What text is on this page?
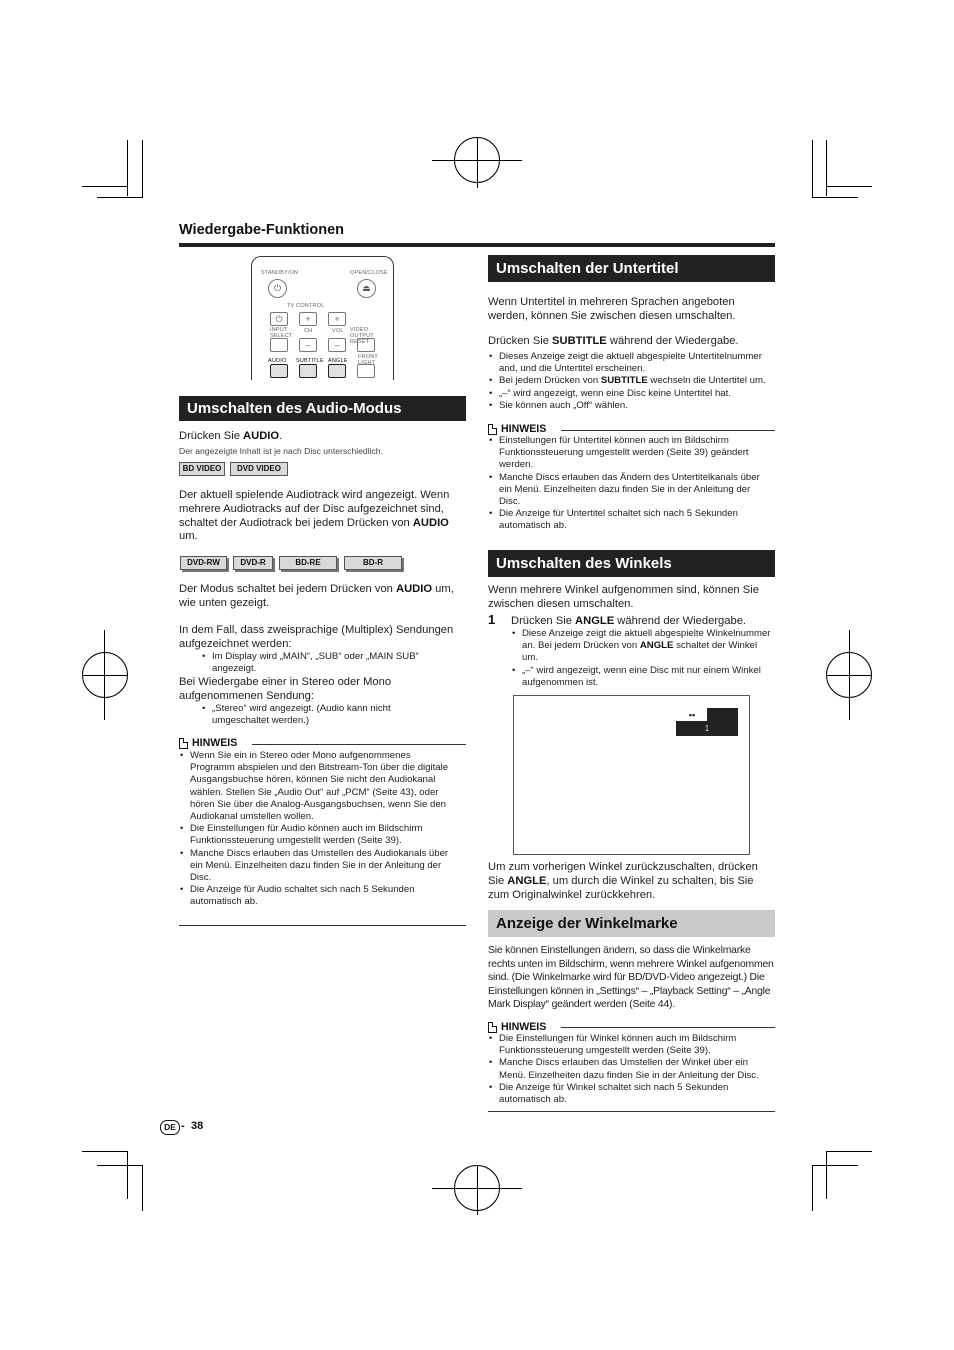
Wiedergabe-Funktionen
STANDBY/ON	OPEN/CLOSE
⏻	⏏
TV CONTROL
⏻	+	+
INPUT SELECT
CH	VOL VIDEO OUTPUT RESET
–	–
AUDIO SUBTITLE ANGLE
FRONT LIGHT
Umschalten des Audio-Modus
Drücken Sie AUDIO.
Der angezeigte Inhalt ist je nach Disc unterschiedlich.
BD VIDEO	DVD VIDEO
Der aktuell spielende Audiotrack wird angezeigt. Wenn mehrere Audiotracks auf der Disc aufgezeichnet sind, schaltet der Audiotrack bei jedem Drücken von AUDIO um.
DVD-RW	DVD-R	BD-RE	BD-R
Der Modus schaltet bei jedem Drücken von AUDIO um, wie unten gezeigt.
In dem Fall, dass zweisprachige (Multiplex) Sendungen aufgezeichnet werden:
• Im Display wird „MAIN“, „SUB“ oder „MAIN SUB“ angezeigt.
Bei Wiedergabe einer in Stereo oder Mono aufgenommenen Sendung:
• „Stereo“ wird angezeigt. (Audio kann nicht umgeschaltet werden.)
HINWEIS
• Wenn Sie ein in Stereo oder Mono aufgenommenes Programm abspielen und den Bitstream-Ton über die digitale Ausgangsbuchse hören, können Sie nicht den Audiokanal wählen. Stellen Sie „Audio Out“ auf „PCM“ (Seite 43), oder hören Sie über die Analog-Ausgangsbuchsen, wenn Sie den Audiokanal umstellen wollen.
• Die Einstellungen für Audio können auch im Bildschirm Funktionssteuerung umgestellt werden (Seite 39).
• Manche Discs erlauben das Umstellen des Audiokanals über ein Menü. Einzelheiten dazu finden Sie in der Anleitung der Disc.
• Die Anzeige für Audio schaltet sich nach 5 Sekunden automatisch ab.
Umschalten der Untertitel
Wenn Untertitel in mehreren Sprachen angeboten werden, können Sie zwischen diesen umschalten.
Drücken Sie SUBTITLE während der Wiedergabe.
• Dieses Anzeige zeigt die aktuell abgespielte Untertitelnummer and, und die Untertitel erscheinen.
• Bei jedem Drücken von SUBTITLE wechseln die Untertitel um.
• „–“ wird angezeigt, wenn eine Disc keine Untertitel hat.
• Sie können auch „Off“ wählen.
HINWEIS
• Einstellungen für Untertitel können auch im Bildschirm Funktionssteuerung umgestellt werden (Seite 39) geändert werden.
• Manche Discs erlauben das Ändern des Untertitelkanals über ein Menü. Einzelheiten dazu finden Sie in der Anleitung der Disc.
• Die Anzeige für Untertitel schaltet sich nach 5 Sekunden automatisch ab.
Umschalten des Winkels
Wenn mehrere Winkel aufgenommen sind, können Sie zwischen diesen umschalten.
1 Drücken Sie ANGLE während der Wiedergabe.
• Diese Anzeige zeigt die aktuell abgespielte Winkelnummer an. Bei jedem Drücken von ANGLE schaltet der Winkel um.
• „–“ wird angezeigt, wenn eine Disc mit nur einem Winkel aufgenommen ist.
▪▪
1
Um zum vorherigen Winkel zurückzuschalten, drücken Sie ANGLE, um durch die Winkel zu schalten, bis Sie zum Originalwinkel zurückkehren.
Anzeige der Winkelmarke
Sie können Einstellungen ändern, so dass die Winkelmarke rechts unten im Bildschirm, wenn mehrere Winkel aufgenommen sind. (Die Winkelmarke wird für BD/DVD-Video angezeigt.) Die Einstellungen können in „Settings“ – „Playback Setting“ – „Angle Mark Display“ geändert werden (Seite 44).
HINWEIS
• Die Einstellungen für Winkel können auch im Bildschirm Funktionssteuerung umgestellt werden (Seite 39).
• Manche Discs erlauben das Umstellen der Winkel über ein Menü. Einzelheiten dazu finden Sie in der Anleitung der Disc.
• Die Anzeige für Winkel schaltet sich nach 5 Sekunden automatisch ab.
DE - 38
